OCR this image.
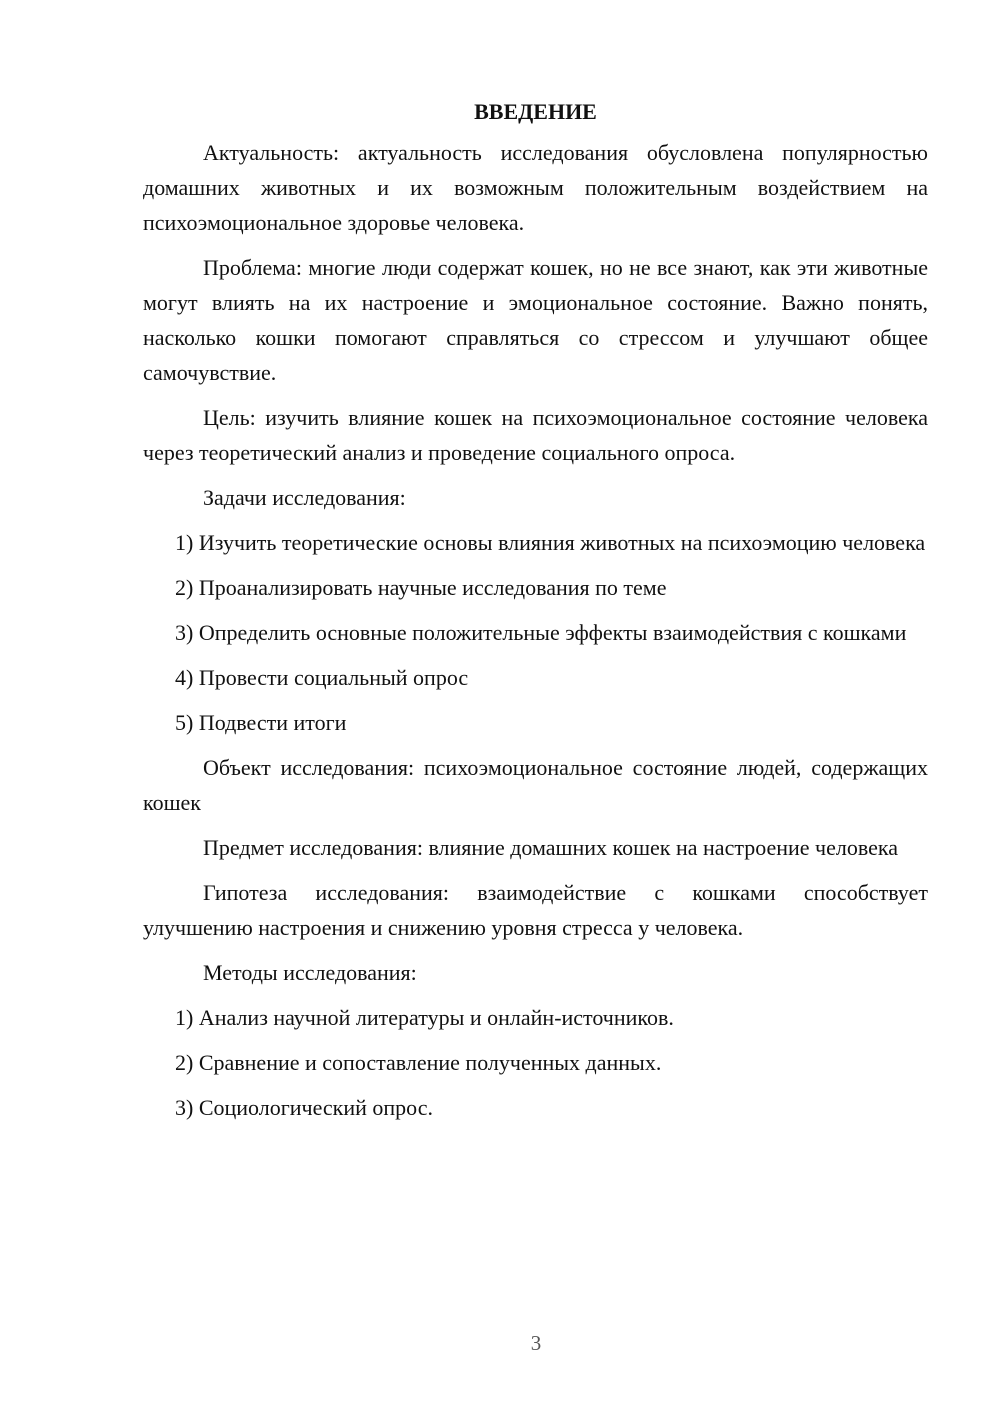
ВВЕДЕНИЕ

Актуальность: актуальность исследования обусловлена популярностью домашних животных и их возможным положительным воздействием на психоэмоциональное здоровье человека.

Проблема: многие люди содержат кошек, но не все знают, как эти животные могут влиять на их настроение и эмоциональное состояние. Важно понять, насколько кошки помогают справляться со стрессом и улучшают общее самочувствие.

Цель: изучить влияние кошек на психоэмоциональное состояние человека через теоретический анализ и проведение социального опроса.

Задачи исследования:

1) Изучить теоретические основы влияния животных на психоэмоцию человека

2) Проанализировать научные исследования по теме

3) Определить основные положительные эффекты взаимодействия с кошками

4) Провести социальный опрос

5) Подвести итоги

Объект исследования: психоэмоциональное состояние людей, содержащих кошек

Предмет исследования: влияние домашних кошек на настроение человека

Гипотеза исследования: взаимодействие с кошками способствует улучшению настроения и снижению уровня стресса у человека.

Методы исследования:

1) Анализ научной литературы и онлайн-источников.

2) Сравнение и сопоставление полученных данных.

3) Социологический опрос.

3
